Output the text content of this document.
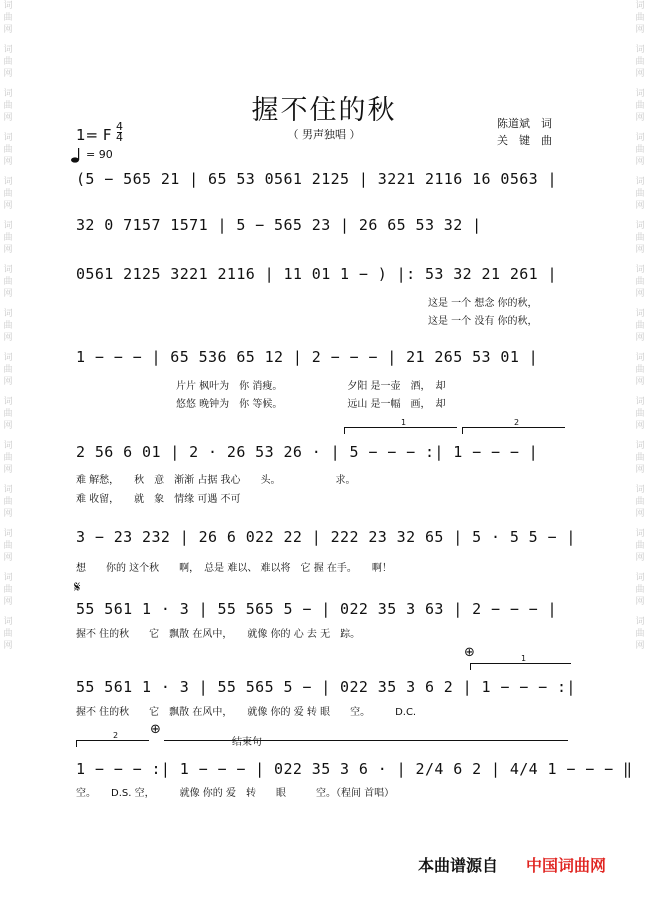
词曲网
词曲网
词曲网
词曲网
词曲网
词曲网
词曲网
词曲网
词曲网
词曲网
词曲网
词曲网
词曲网
词曲网
词曲网
词曲网
词曲网
词曲网
词曲网
词曲网
词曲网
词曲网
词曲网
词曲网
词曲网
词曲网
词曲网
词曲网
词曲网
词曲网
握不住的秋
（ 男声独唱 ）
陈道斌　词
关　键　曲
1= F 4
4
= 90
(5 − 565 21 | 65 53 0561 2125 | 3221 2116 16 0563 |
32 0 7157 1571 | 5 − 565 23 | 26 65 53 32 |
0561 2125 3221 2116 | 11 01 1 − ) |: 53 32 21 261 |
这是 一个 想念 你的秋，
这是 一个 没有 你的秋，
1 − − − | 65 536 65 12 | 2 − − − | 21 265 53 01 |
片片 枫叶为　你 消瘦。　　　　　　　夕阳 是一壶　酒，　却
悠悠 晚钟为　你 等候。　　　　　　　远山 是一幅　画，　却
1	2
2 56 6 01 | 2 · 26 53 26 · | 5 − − − :| 1 − − − |
难 解愁，　　秋　意　渐渐 占据 我心　　头。　　　　　　求。
难 收留，　　就　象　情缘 可遇 不可
3 − 23 232 | 26 6 022 22 | 222 23 32 65 | 5 · 5 5 − |
想　　你的 这个秋　　啊，　总是 难以、 难以将　它 握 在手。　　啊！
𝄋
55 561 1 · 3 | 55 565 5 − | 022 35 3 63 | 2 − − − |
握不 住的秋　　它　飘散 在风中，　　就像 你的 心 去 无　踪。
⊕	1
55 561 1 · 3 | 55 565 5 − | 022 35 3 6 2 | 1 − − − :|
握不 住的秋　　它　飘散 在风中，　　就像 你的 爱 转 眼　　空。　　　D.C.
2 ⊕
结束句
1 − − − :| 1 − − − | 022 35 3 6 · | 2/4 6 2 | 4/4 1 − − − ‖
空。　　D.S. 空，　　　就像 你的 爱　转　　眼　　　空。（程间 首唱）
本曲谱源自 中国词曲网
